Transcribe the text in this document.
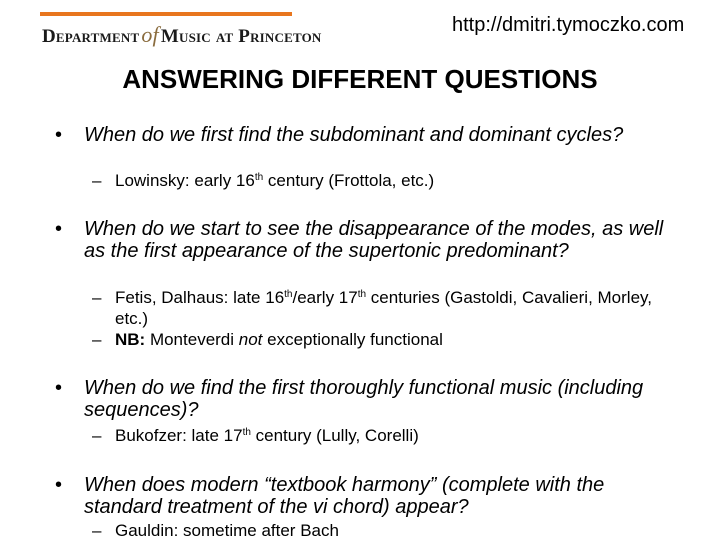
Departmentof Music at Princeton
http://dmitri.tymoczko.com
ANSWERING DIFFERENT QUESTIONS
• When do we first find the subdominant and dominant cycles?
– Lowinsky: early 16th century (Frottola, etc.)
• When do we start to see the disappearance of the modes, as well as the first appearance of the supertonic predominant?
– Fetis, Dalhaus: late 16th/early 17th centuries (Gastoldi, Cavalieri, Morley, etc.)
– NB: Monteverdi not exceptionally functional
• When do we find the first thoroughly functional music (including sequences)?
– Bukofzer: late 17th century (Lully, Corelli)
• When does modern “textbook harmony” (complete with the standard treatment of the vi chord) appear?
– Gauldin: sometime after Bach
